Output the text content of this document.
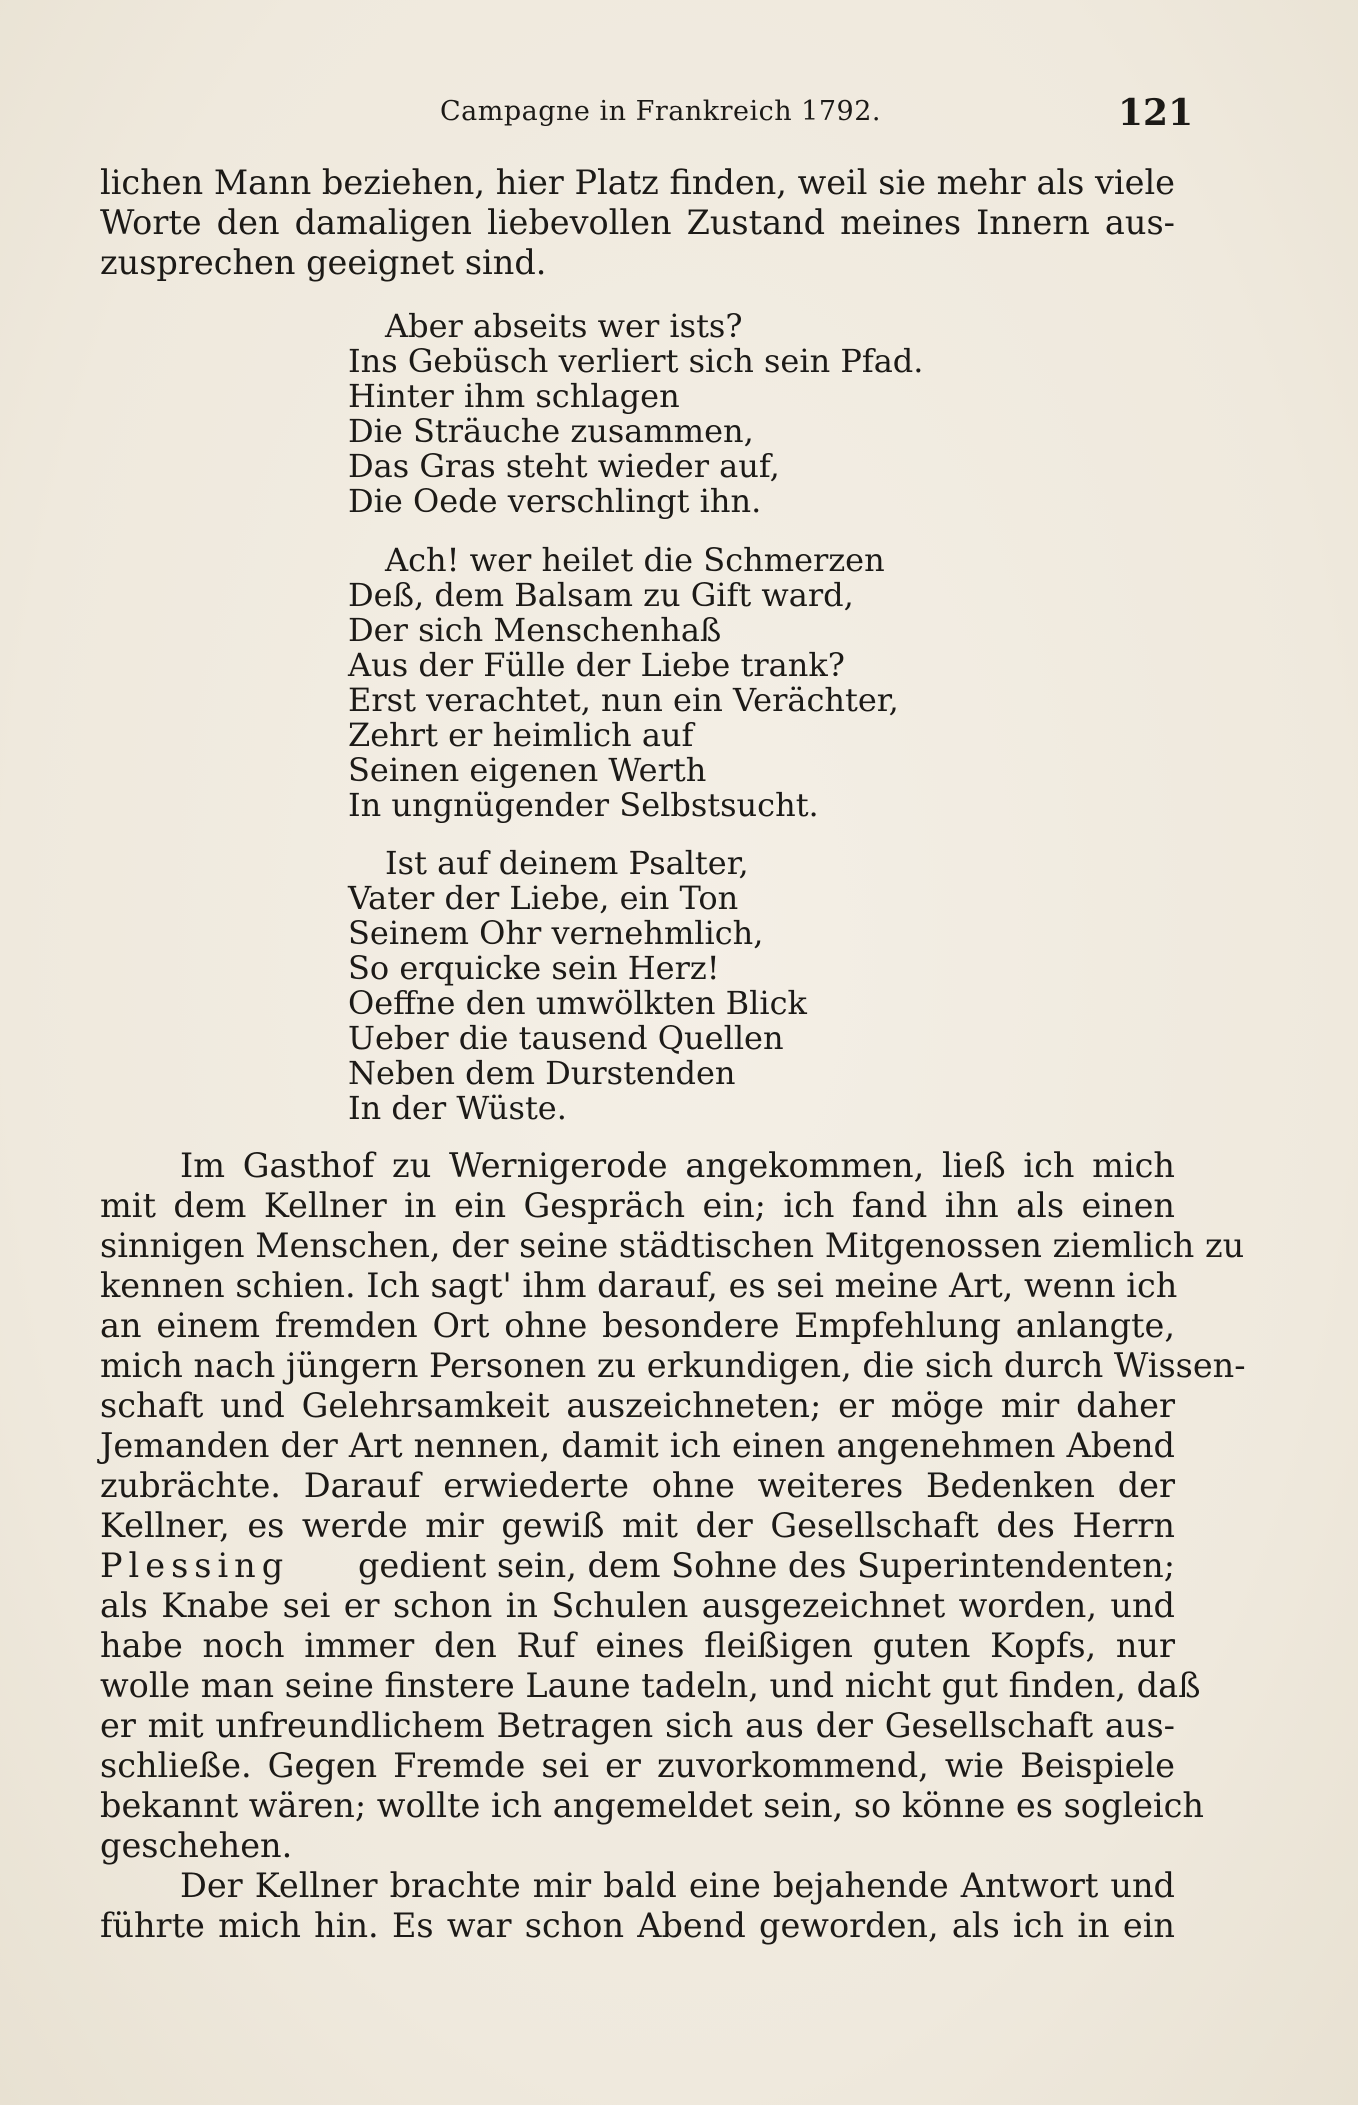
Campagne in Frankreich 1792.	121
lichen Mann beziehen, hier Platz finden, weil sie mehr als viele
Worte den damaligen liebevollen Zustand meines Innern aus-
zusprechen geeignet sind.
Aber abseits wer ists?
Ins Gebüsch verliert sich sein Pfad.
Hinter ihm schlagen
Die Sträuche zusammen,
Das Gras steht wieder auf,
Die Oede verschlingt ihn.
Ach! wer heilet die Schmerzen
Deß, dem Balsam zu Gift ward,
Der sich Menschenhaß
Aus der Fülle der Liebe trank?
Erst verachtet, nun ein Verächter,
Zehrt er heimlich auf
Seinen eigenen Werth
In ungnügender Selbstsucht.
Ist auf deinem Psalter,
Vater der Liebe, ein Ton
Seinem Ohr vernehmlich,
So erquicke sein Herz!
Oeffne den umwölkten Blick
Ueber die tausend Quellen
Neben dem Durstenden
In der Wüste.
Im Gasthof zu Wernigerode angekommen, ließ ich mich
mit dem Kellner in ein Gespräch ein; ich fand ihn als einen
sinnigen Menschen, der seine städtischen Mitgenossen ziemlich zu
kennen schien. Ich sagt' ihm darauf, es sei meine Art, wenn ich
an einem fremden Ort ohne besondere Empfehlung anlangte,
mich nach jüngern Personen zu erkundigen, die sich durch Wissen-
schaft und Gelehrsamkeit auszeichneten; er möge mir daher
Jemanden der Art nennen, damit ich einen angenehmen Abend
zubrächte. Darauf erwiederte ohne weiteres Bedenken der
Kellner, es werde mir gewiß mit der Gesellschaft des Herrn
Plessing gedient sein, dem Sohne des Superintendenten;
als Knabe sei er schon in Schulen ausgezeichnet worden, und
habe noch immer den Ruf eines fleißigen guten Kopfs, nur
wolle man seine finstere Laune tadeln, und nicht gut finden, daß
er mit unfreundlichem Betragen sich aus der Gesellschaft aus-
schließe. Gegen Fremde sei er zuvorkommend, wie Beispiele
bekannt wären; wollte ich angemeldet sein, so könne es sogleich
geschehen.
Der Kellner brachte mir bald eine bejahende Antwort und
führte mich hin. Es war schon Abend geworden, als ich in ein
